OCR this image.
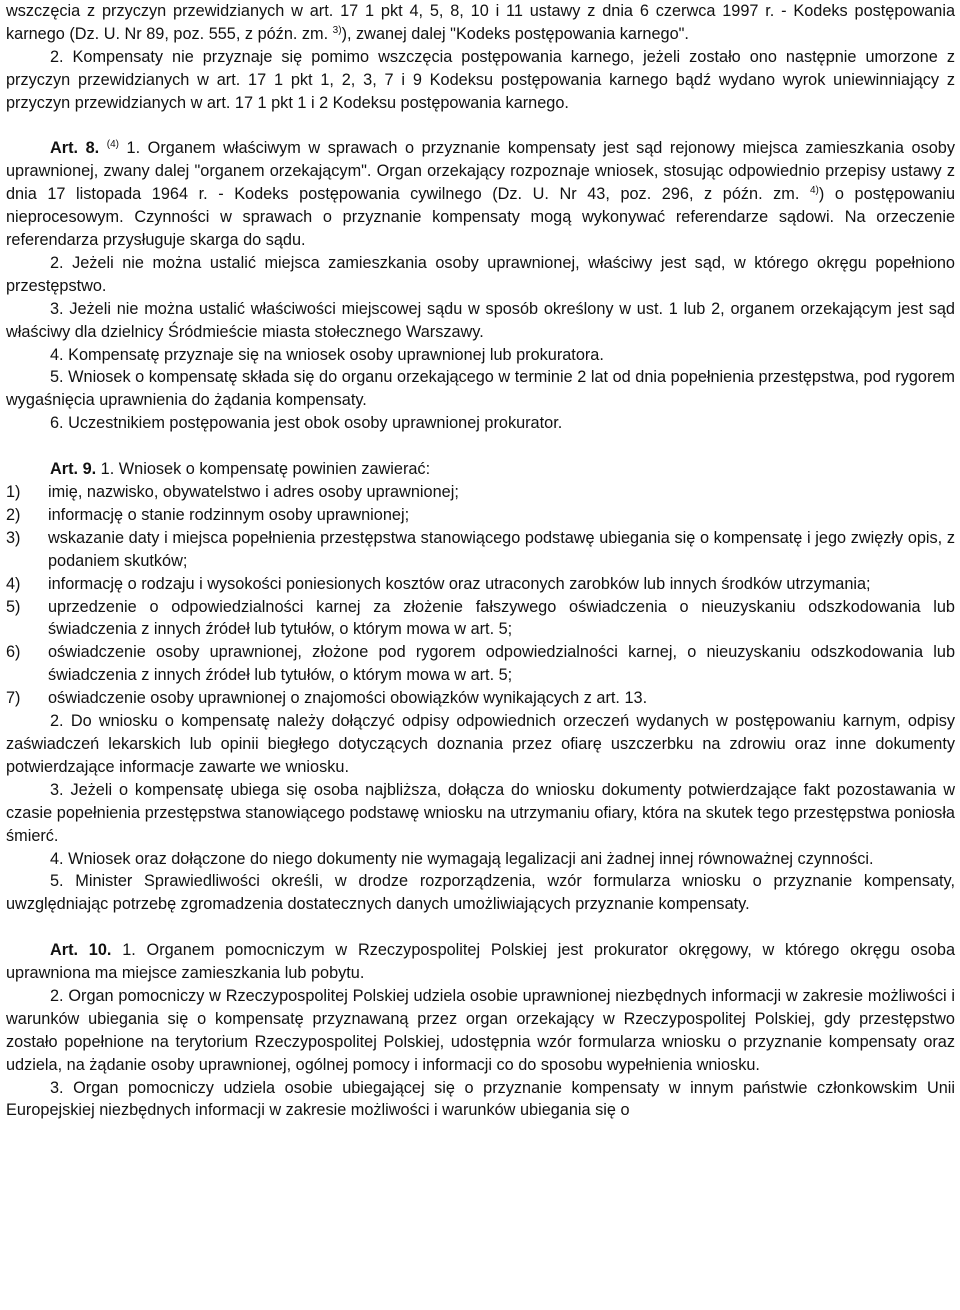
wszczęcia z przyczyn przewidzianych w art. 17 1 pkt 4, 5, 8, 10 i 11 ustawy z dnia 6 czerwca 1997 r. - Kodeks postępowania karnego (Dz. U. Nr 89, poz. 555, z późn. zm. $^{3)}$), zwanej dalej "Kodeks postępowania karnego".

2. Kompensaty nie przyznaje się pomimo wszczęcia postępowania karnego, jeżeli zostało ono następnie umorzone z przyczyn przewidzianych w art. 17 1 pkt 1, 2, 3, 7 i 9 Kodeksu postępowania karnego bądź wydano wyrok uniewinniający z przyczyn przewidzianych w art. 17 1 pkt 1 i 2 Kodeksu postępowania karnego.

Art. 8. $^{(4)}$ 1. Organem właściwym w sprawach o przyznanie kompensaty jest sąd rejonowy miejsca zamieszkania osoby uprawnionej, zwany dalej "organem orzekającym". Organ orzekający rozpoznaje wniosek, stosując odpowiednio przepisy ustawy z dnia 17 listopada 1964 r. - Kodeks postępowania cywilnego (Dz. U. Nr 43, poz. 296, z późn. zm. $^{4)}$) o postępowaniu nieprocesowym. Czynności w sprawach o przyznanie kompensaty mogą wykonywać referendarze sądowi. Na orzeczenie referendarza przysługuje skarga do sądu.

2. Jeżeli nie można ustalić miejsca zamieszkania osoby uprawnionej, właściwy jest sąd, w którego okręgu popełniono przestępstwo.

3. Jeżeli nie można ustalić właściwości miejscowej sądu w sposób określony w ust. 1 lub 2, organem orzekającym jest sąd właściwy dla dzielnicy Śródmieście miasta stołecznego Warszawy.

4. Kompensatę przyznaje się na wniosek osoby uprawnionej lub prokuratora.

5. Wniosek o kompensatę składa się do organu orzekającego w terminie 2 lat od dnia popełnienia przestępstwa, pod rygorem wygaśnięcia uprawnienia do żądania kompensaty.

6. Uczestnikiem postępowania jest obok osoby uprawnionej prokurator.

Art. 9. 1. Wniosek o kompensatę powinien zawierać:

1) imię, nazwisko, obywatelstwo i adres osoby uprawnionej;
2) informację o stanie rodzinnym osoby uprawnionej;
3) wskazanie daty i miejsca popełnienia przestępstwa stanowiącego podstawę ubiegania się o kompensatę i jego zwięzły opis, z podaniem skutków;
4) informację o rodzaju i wysokości poniesionych kosztów oraz utraconych zarobków lub innych środków utrzymania;
5) uprzedzenie o odpowiedzialności karnej za złożenie fałszywego oświadczenia o nieuzyskaniu odszkodowania lub świadczenia z innych źródeł lub tytułów, o którym mowa w art. 5;
6) oświadczenie osoby uprawnionej, złożone pod rygorem odpowiedzialności karnej, o nieuzyskaniu odszkodowania lub świadczenia z innych źródeł lub tytułów, o którym mowa w art. 5;
7) oświadczenie osoby uprawnionej o znajomości obowiązków wynikających z art. 13.

2. Do wniosku o kompensatę należy dołączyć odpisy odpowiednich orzeczeń wydanych w postępowaniu karnym, odpisy zaświadczeń lekarskich lub opinii biegłego dotyczących doznania przez ofiarę uszczerbku na zdrowiu oraz inne dokumenty potwierdzające informacje zawarte we wniosku.

3. Jeżeli o kompensatę ubiega się osoba najbliższa, dołącza do wniosku dokumenty potwierdzające fakt pozostawania w czasie popełnienia przestępstwa stanowiącego podstawę wniosku na utrzymaniu ofiary, która na skutek tego przestępstwa poniosła śmierć.

4. Wniosek oraz dołączone do niego dokumenty nie wymagają legalizacji ani żadnej innej równoważnej czynności.

5. Minister Sprawiedliwości określi, w drodze rozporządzenia, wzór formularza wniosku o przyznanie kompensaty, uwzględniając potrzebę zgromadzenia dostatecznych danych umożliwiających przyznanie kompensaty.

Art. 10. 1. Organem pomocniczym w Rzeczypospolitej Polskiej jest prokurator okręgowy, w którego okręgu osoba uprawniona ma miejsce zamieszkania lub pobytu.

2. Organ pomocniczy w Rzeczypospolitej Polskiej udziela osobie uprawnionej niezbędnych informacji w zakresie możliwości i warunków ubiegania się o kompensatę przyznawaną przez organ orzekający w Rzeczypospolitej Polskiej, gdy przestępstwo zostało popełnione na terytorium Rzeczypospolitej Polskiej, udostępnia wzór formularza wniosku o przyznanie kompensaty oraz udziela, na żądanie osoby uprawnionej, ogólnej pomocy i informacji co do sposobu wypełnienia wniosku.

3. Organ pomocniczy udziela osobie ubiegającej się o przyznanie kompensaty w innym państwie członkowskim Unii Europejskiej niezbędnych informacji w zakresie możliwości i warunków ubiegania się o
